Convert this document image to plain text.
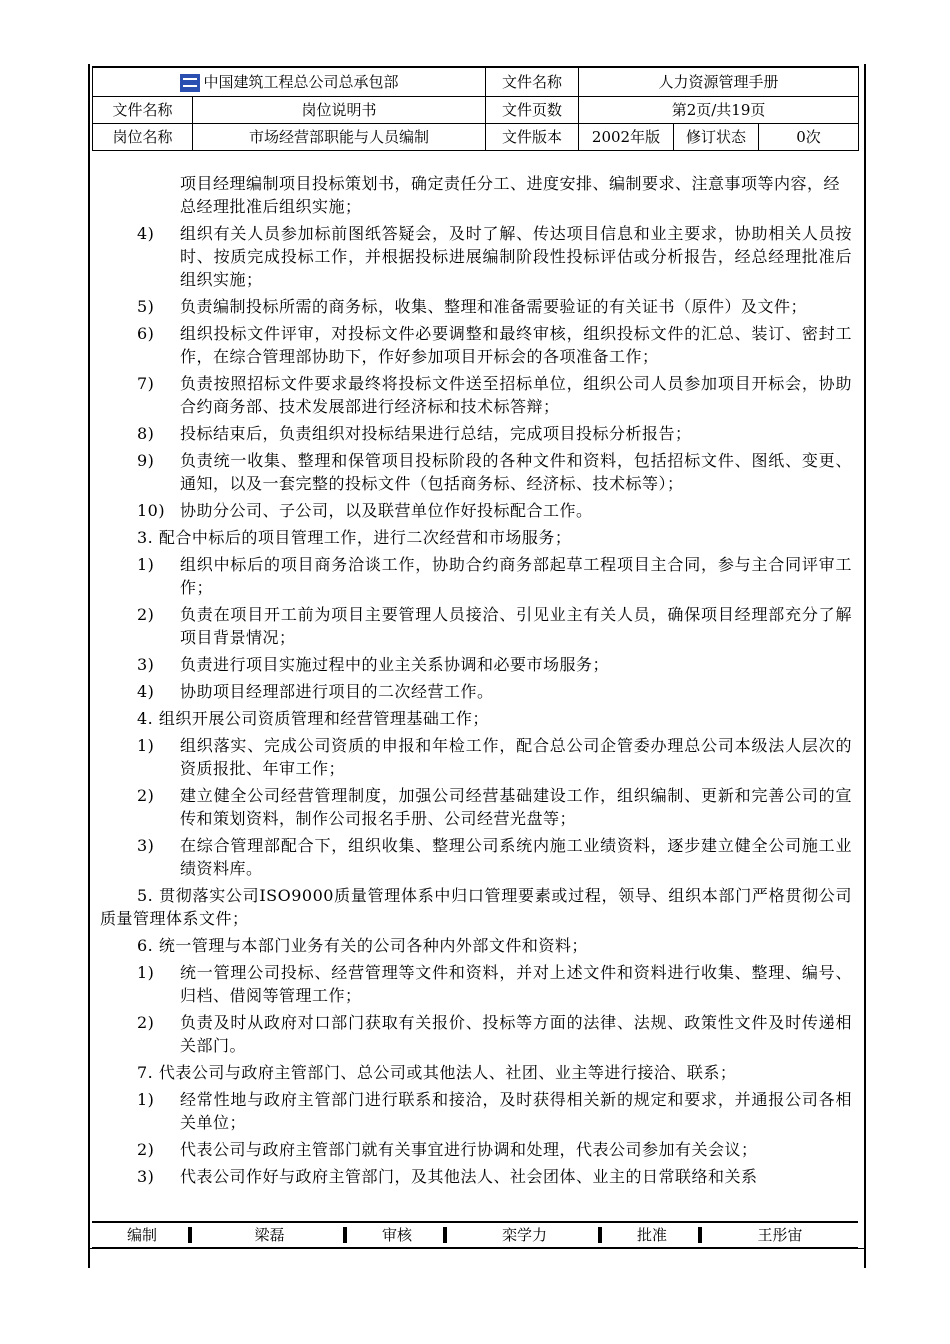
中国建筑工程总公司总承包部		文件名称	人力资源管理手册		
文件名称	岗位说明书	文件页数	第2页/共19页		
岗位名称	市场经营部职能与人员编制	文件版本	2002年版	修订状态	0次
项目经理编制项目投标策划书，确定责任分工、进度安排、编制要求、注意事项等内容，经总经理批准后组织实施；
4) 组织有关人员参加标前图纸答疑会，及时了解、传达项目信息和业主要求，协助相关人员按时、按质完成投标工作，并根据投标进展编制阶段性投标评估或分析报告，经总经理批准后组织实施；
5) 负责编制投标所需的商务标，收集、整理和准备需要验证的有关证书（原件）及文件；
6) 组织投标文件评审，对投标文件必要调整和最终审核，组织投标文件的汇总、装订、密封工作，在综合管理部协助下，作好参加项目开标会的各项准备工作；
7) 负责按照招标文件要求最终将投标文件送至招标单位，组织公司人员参加项目开标会，协助合约商务部、技术发展部进行经济标和技术标答辩；
8) 投标结束后，负责组织对投标结果进行总结，完成项目投标分析报告；
9) 负责统一收集、整理和保管项目投标阶段的各种文件和资料，包括招标文件、图纸、变更、通知，以及一套完整的投标文件（包括商务标、经济标、技术标等）；
10) 协助分公司、子公司，以及联营单位作好投标配合工作。
3. 配合中标后的项目管理工作，进行二次经营和市场服务；
1) 组织中标后的项目商务洽谈工作，协助合约商务部起草工程项目主合同，参与主合同评审工作；
2) 负责在项目开工前为项目主要管理人员接洽、引见业主有关人员，确保项目经理部充分了解项目背景情况；
3) 负责进行项目实施过程中的业主关系协调和必要市场服务；
4) 协助项目经理部进行项目的二次经营工作。
4. 组织开展公司资质管理和经营管理基础工作；
1) 组织落实、完成公司资质的申报和年检工作，配合总公司企管委办理总公司本级法人层次的资质报批、年审工作；
2) 建立健全公司经营管理制度，加强公司经营基础建设工作，组织编制、更新和完善公司的宣传和策划资料，制作公司报名手册、公司经营光盘等；
3) 在综合管理部配合下，组织收集、整理公司系统内施工业绩资料，逐步建立健全公司施工业绩资料库。
5. 贯彻落实公司ISO9000质量管理体系中归口管理要素或过程，领导、组织本部门严格贯彻公司质量管理体系文件；
6. 统一管理与本部门业务有关的公司各种内外部文件和资料；
1) 统一管理公司投标、经营管理等文件和资料，并对上述文件和资料进行收集、整理、编号、归档、借阅等管理工作；
2) 负责及时从政府对口部门获取有关报价、投标等方面的法律、法规、政策性文件及时传递相关部门。
7. 代表公司与政府主管部门、总公司或其他法人、社团、业主等进行接洽、联系；
1) 经常性地与政府主管部门进行联系和接洽，及时获得相关新的规定和要求，并通报公司各相关单位；
2) 代表公司与政府主管部门就有关事宜进行协调和处理，代表公司参加有关会议；
3) 代表公司作好与政府主管部门，及其他法人、社会团体、业主的日常联络和关系
编制	梁磊	审核	栾学力	批准	王彤宙
